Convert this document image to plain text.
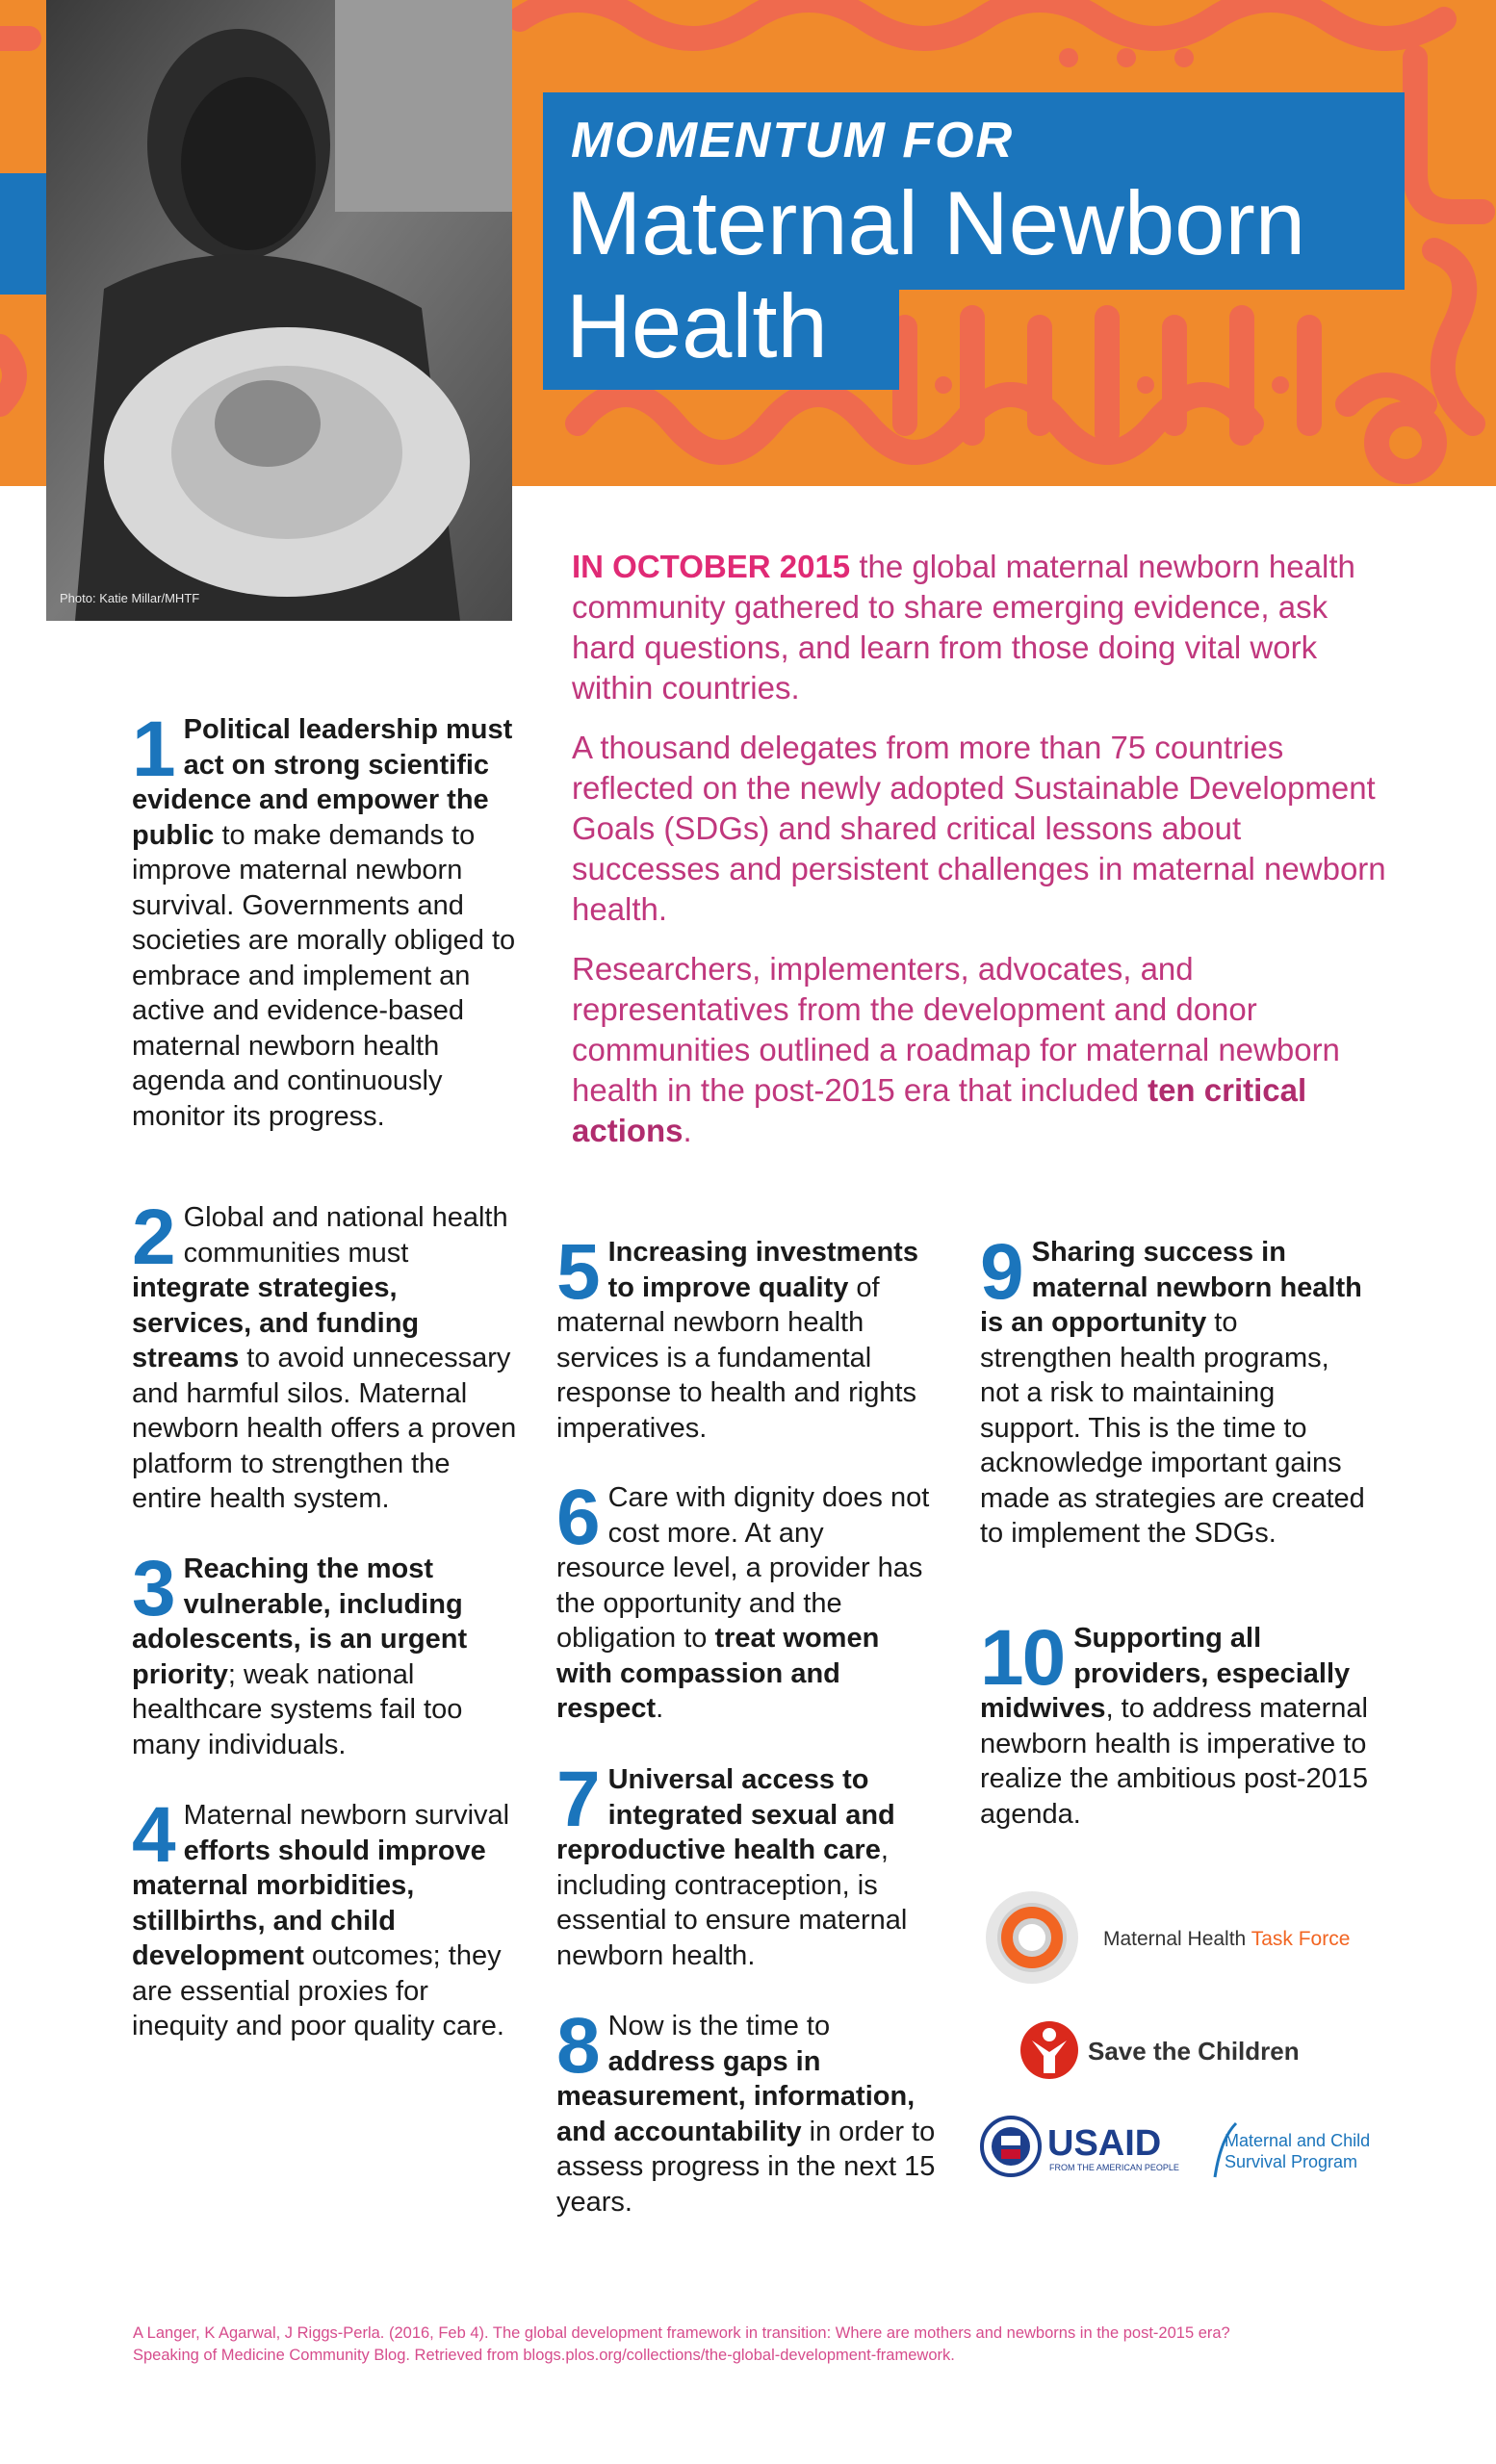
Photo: Katie Millar/MHTF
MOMENTUM FOR
Maternal Newborn
Health

IN OCTOBER 2015 the global maternal newborn health community gathered to share emerging evidence, ask hard questions, and learn from those doing vital work within countries.

A thousand delegates from more than 75 countries reflected on the newly adopted Sustainable Development Goals (SDGs) and shared critical lessons about successes and persistent challenges in maternal newborn health.

Researchers, implementers, advocates, and representatives from the development and donor communities outlined a roadmap for maternal newborn health in the post-2015 era that included ten critical actions.

1 Political leadership must act on strong scientific evidence and empower the public to make demands to improve maternal newborn survival. Governments and societies are morally obliged to embrace and implement an active and evidence-based maternal newborn health agenda and continuously monitor its progress.
2 Global and national health communities must integrate strategies, services, and funding streams to avoid unnecessary and harmful silos. Maternal newborn health offers a proven platform to strengthen the entire health system.
3 Reaching the most vulnerable, including adolescents, is an urgent priority; weak national healthcare systems fail too many individuals.
4 Maternal newborn survival efforts should improve maternal morbidities, stillbirths, and child development outcomes; they are essential proxies for inequity and poor quality care.
5 Increasing investments to improve quality of maternal newborn health services is a fundamental response to health and rights imperatives.
6 Care with dignity does not cost more. At any resource level, a provider has the opportunity and the obligation to treat women with compassion and respect.
7 Universal access to integrated sexual and reproductive health care, including contraception, is essential to ensure maternal newborn health.
8 Now is the time to address gaps in measurement, information, and accountability in order to assess progress in the next 15 years.
9 Sharing success in maternal newborn health is an opportunity to strengthen health programs, not a risk to maintaining support. This is the time to acknowledge important gains made as strategies are created to implement the SDGs.
10 Supporting all providers, especially midwives, to address maternal newborn health is imperative to realize the ambitious post-2015 agenda.
Maternal Health Task Force
Save the Children
USAID
FROM THE AMERICAN PEOPLE
Maternal and Child
Survival Program
A Langer, K Agarwal, J Riggs-Perla. (2016, Feb 4). The global development framework in transition: Where are mothers and newborns in the post-2015 era?
Speaking of Medicine Community Blog. Retrieved from blogs.plos.org/collections/the-global-development-framework.
